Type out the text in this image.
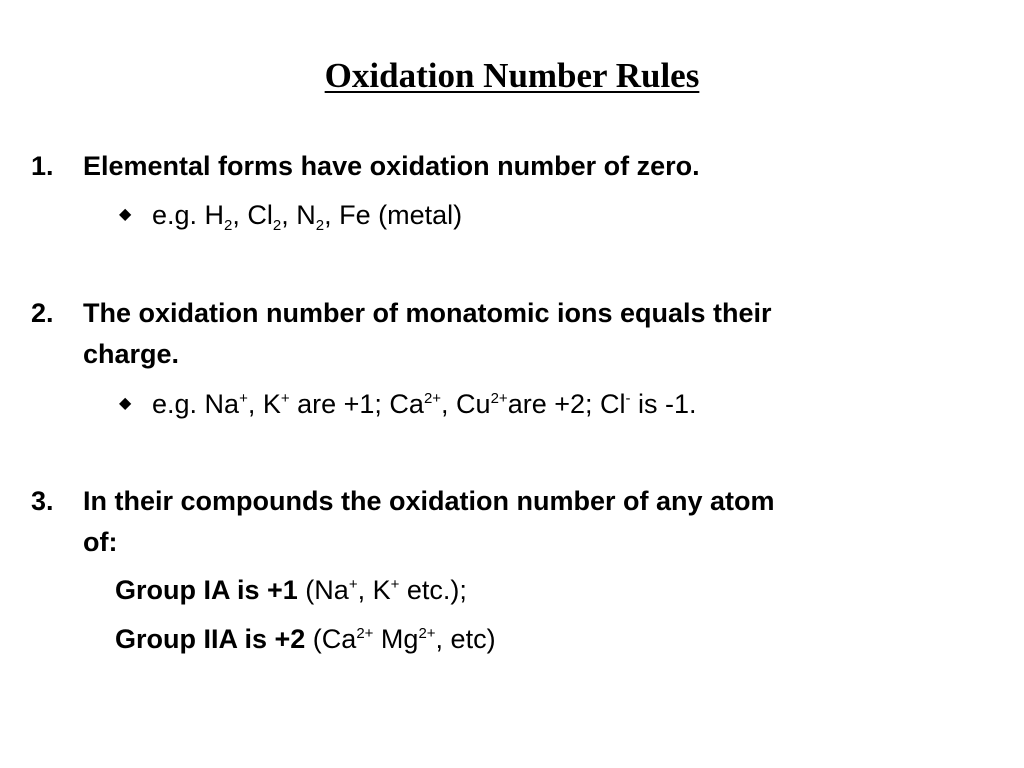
Oxidation Number Rules
1. Elemental forms have oxidation number of zero.
◆ e.g. $H_2$, $Cl_2$, $N_2$, Fe (metal)
2. The oxidation number of monatomic ions equals their
charge.
◆ e.g. Na+, K+ are +1; $Ca^{2+}$, $Cu^{2+}are +2$; Cl- is -1.
3. In their compounds the oxidation number of any atom
of:
Group IA is +1 (Na+, K+ etc.);
Group IIA is +2 ($Ca^{2+}$ $Mg^{2+}$, etc)
